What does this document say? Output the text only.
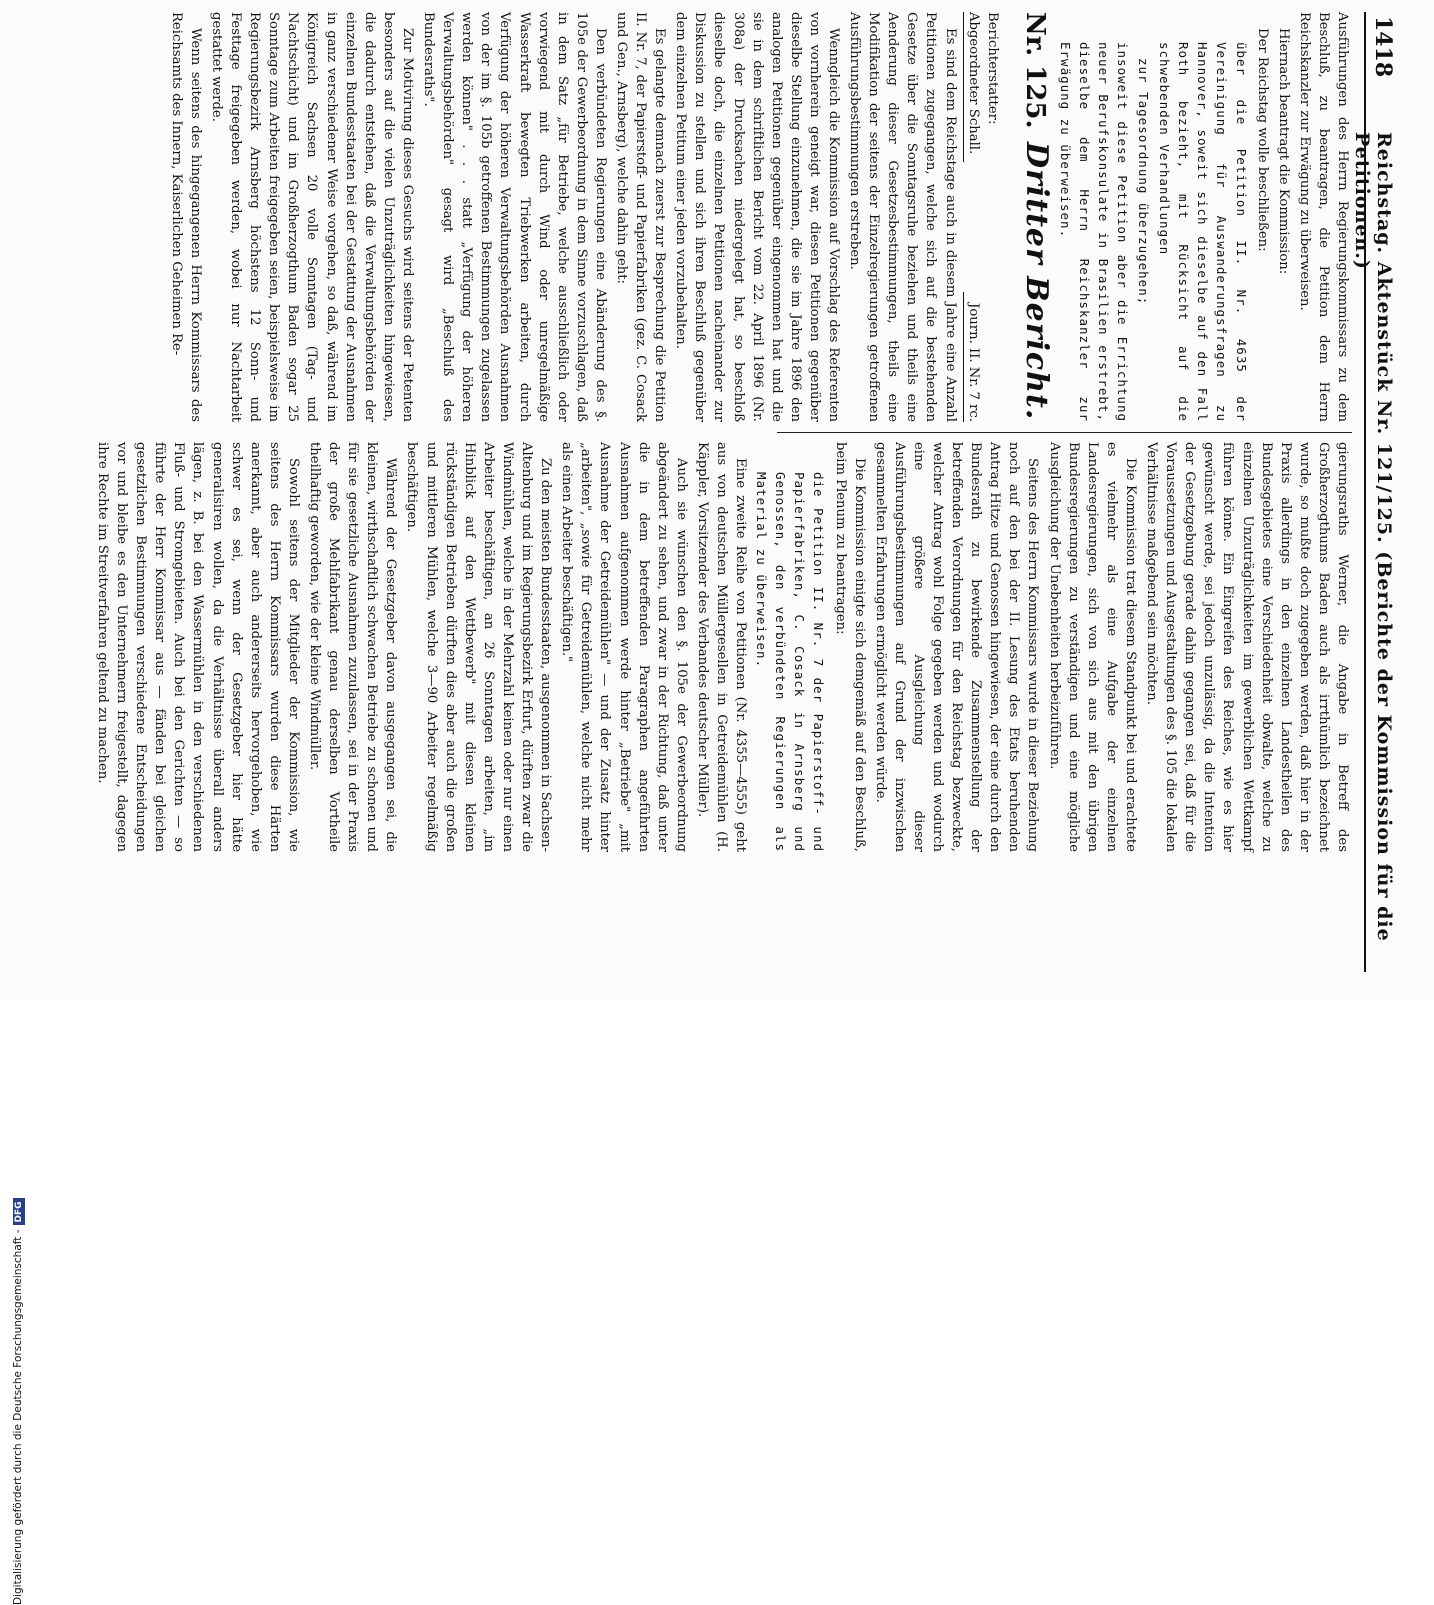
1418
Reichstag. Aktenstück Nr. 121/125. (Berichte der Kommission für die Petitionen.)

Ausführungen des Herrn Regierungskommissars zu dem Beschluß, zu beantragen, die Petition dem Herrn Reichskanzler zur Erwägung zu überweisen.

Hiernach beantragt die Kommission:

Der Reichstag wolle beschließen:

über die Petition II. Nr. 4635 der Vereinigung für Auswanderungsfragen zu Hannover, soweit sich dieselbe auf den Fall Roth bezieht, mit Rücksicht auf die schwebenden Verhandlungen

zur Tagesordnung überzugehen;

insoweit diese Petition aber die Errichtung neuer Berufskonsulate in Brasilien erstrebt, dieselbe dem Herrn Reichskanzler zur Erwägung zu überweisen.

Nr. 125.
Dritter Bericht.
Berichterstatter:
Abgeordneter Schall.
Journ. II. Nr. 7 rc.

Es sind dem Reichstage auch in diesem Jahre eine Anzahl Petitionen zugegangen, welche sich auf die bestehenden Gesetze über die Sonntagsruhe beziehen und theils eine Aenderung dieser Gesetzesbestimmungen, theils eine Modifikation der seitens der Einzelregierungen getroffenen Ausführungsbestimmungen erstreben.

Wenngleich die Kommission auf Vorschlag des Referenten von vornherein geneigt war, diesen Petitionen gegenüber dieselbe Stellung einzunehmen, die sie im Jahre 1896 den analogen Petitionen gegenüber eingenommen hat und die sie in dem schriftlichen Bericht vom 22. April 1896 (Nr. 308a) der Drucksachen niedergelegt hat, so beschloß dieselbe doch, die einzelnen Petitionen nacheinander zur Diskussion zu stellen und sich ihren Beschluß gegenüber dem einzelnen Petitum einer jeden vorzubehalten.

Es gelangte demnach zuerst zur Besprechung die Petition II. Nr. 7, der Papierstoff- und Papierfabriken (gez. C. Cosack und Gen., Arnsberg), welche dahin geht:

Den verbündeten Regierungen eine Abänderung des §. 105e der Gewerbeordnung in dem Sinne vorzuschlagen, daß in dem Satz „für Betriebe, welche ausschließlich oder vorwiegend mit durch Wind oder unregelmäßige Wasserkraft bewegten Triebwerken arbeiten, durch Verfügung der höheren Verwaltungsbehörden Ausnahmen von der im §. 105b getroffenen Bestimmungen zugelassen werden können" . . . statt „Verfügung der höheren Verwaltungsbehörden" gesagt wird „Beschluß des Bundesraths".

Zur Motivirung dieses Gesuchs wird seitens der Petenten besonders auf die vielen Unzuträglichkeiten hingewiesen, die dadurch entstehen, daß die Verwaltungsbehörden der einzelnen Bundesstaaten bei der Gestattung der Ausnahmen in ganz verschiedener Weise vorgehen, so daß, während im Königreich Sachsen 20 volle Sonntagen (Tag- und Nachtschicht) und im Großherzogthum Baden sogar 25 Sonntage zum Arbeiten freigegeben seien, beispielsweise im Regierungsbezirk Arnsberg höchstens 12 Sonn- und Festtage freigegeben werden, wobei nur Nachtarbeit gestattet werde.

Wenn seitens des hingegangenen Herrn Kommissars des Reichsamts des Innern, Kaiserlichen Geheimen Re-

gierungsraths Werner, die Angabe in Betreff des Großherzogthums Baden auch als irrthümlich bezeichnet wurde, so mußte doch zugegeben werden, daß hier in der Praxis allerdings in den einzelnen Landestheilen des Bundesgebietes eine Verschiedenheit obwalte, welche zu einzelnen Unzuträglichkeiten im gewerblichen Wettkampf führen könne. Ein Eingreifen des Reiches, wie es hier gewünscht werde, sei jedoch unzulässig, da die Intention der Gesetzgebung gerade dahin gegangen sei, daß für die Voraussetzungen und Ausgestaltungen des §. 105 die lokalen Verhältnisse maßgebend sein möchten.

Die Kommission trat diesem Standpunkt bei und erachtete es vielmehr als eine Aufgabe der einzelnen Landesregierungen, sich von sich aus mit den übrigen Bundesregierungen zu verständigen und eine mögliche Ausgleichung der Unebenheiten herbeizuführen.

Seitens des Herrn Kommissars wurde in dieser Beziehung noch auf den bei der II. Lesung des Etats beruhenden Antrag Hitze und Genossen hingewiesen, der eine durch den Bundesrath zu bewirkende Zusammenstellung der betreffenden Verordnungen für den Reichstag bezweckte, welcher Antrag wohl Folge gegeben werden und wodurch eine größere Ausgleichung dieser Ausführungsbestimmungen auf Grund der inzwischen gesammelten Erfahrungen ermöglicht werden würde.

Die Kommission einigte sich demgemäß auf den Beschluß, beim Plenum zu beantragen:

die Petition II. Nr. 7 der Papierstoff- und Papierfabriken, C. Cosack in Arnsberg und Genossen, den verbündeten Regierungen als Material zu überweisen.

Eine zweite Reihe von Petitionen (Nr. 4355—4555) geht aus von deutschen Müllergesellen in Getreidemühlen (H. Käppler, Vorsitzender des Verbandes deutscher Müller).

Auch sie wünschen den §. 105e der Gewerbeordnung abgeändert zu sehen, und zwar in der Richtung, daß unter die in dem betreffenden Paragraphen angeführten Ausnahmen aufgenommen werde hinter „Betriebe" „mit Ausnahme der Getreidemühlen" — und der Zusatz hinter „arbeiten", „sowie für Getreidemühlen, welche nicht mehr als einen Arbeiter beschäftigen."

Zu den meisten Bundesstaaten, ausgenommen in Sachsen-Altenburg und im Regierungsbezirk Erfurt, dürften zwar die Windmühlen, welche in der Mehrzahl keinen oder nur einen Arbeiter beschäftigen, an 26 Sonntagen arbeiten, „im Hinblick auf den Wettbewerb" mit diesen kleinen rückständigen Betrieben dürften dies aber auch die großen und mittleren Mühlen, welche 3—90 Arbeiter regelmäßig beschäftigen.

Während der Gesetzgeber davon ausgegangen sei, die kleinen, wirthschaftlich schwachen Betriebe zu schonen und für sie gesetzliche Ausnahmen zuzulassen, sei in der Praxis der große Mehlfabrikant genau derselben Vortheile theilhaftig geworden, wie der kleine Windmüller.

Sowohl seitens der Mitglieder der Kommission, wie seitens des Herrn Kommissars wurden diese Härten anerkannt, aber auch andererseits hervorgehoben, wie schwer es sei, wenn der Gesetzgeber hier hätte generalisiren wollen, da die Verhältnisse überall anders lägen, z. B. bei den Wassermühlen in den verschiedenen Fluß- und Stromgebieten. Auch bei den Gerichten — so führte der Herr Kommissar aus — fänden bei gleichen gesetzlichen Bestimmungen verschiedene Entscheidungen vor und bleibe es den Unternehmern freigestellt, dagegen ihre Rechte im Streitverfahren geltend zu machen.

Digitalisierung gefördert durch die Deutsche Forschungsgemeinschaft -DFG
